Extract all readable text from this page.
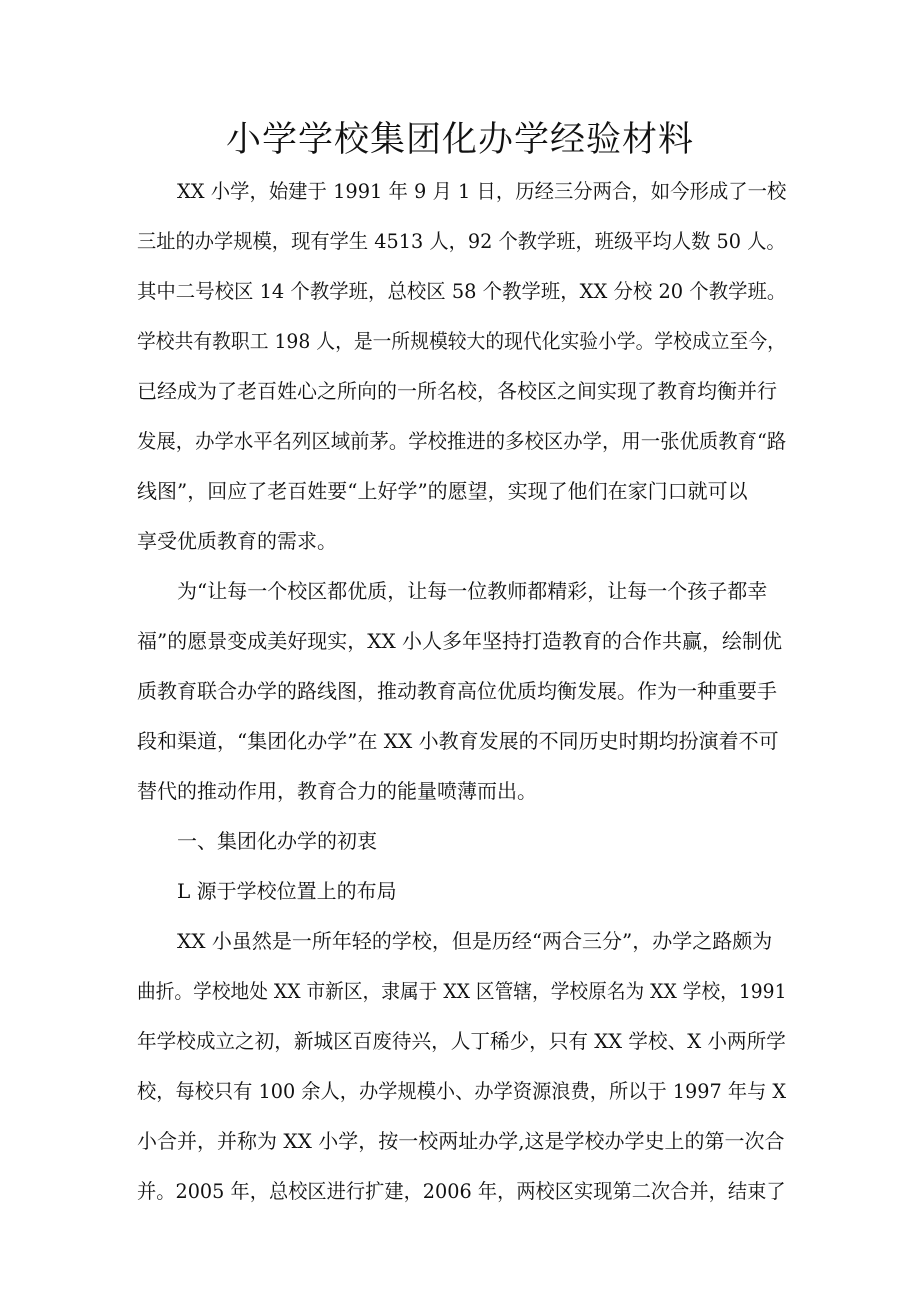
小学学校集团化办学经验材料

XX 小学，始建于 1991 年 9 月 1 日，历经三分两合，如今形成了一校

三址的办学规模，现有学生 4513 人，92 个教学班，班级平均人数 50 人。

其中二号校区 14 个教学班，总校区 58 个教学班，XX 分校 20 个教学班。

学校共有教职工 198 人，是一所规模较大的现代化实验小学。学校成立至今，

已经成为了老百姓心之所向的一所名校，各校区之间实现了教育均衡并行

发展，办学水平名列区域前茅。学校推进的多校区办学，用一张优质教育“路

线图”，回应了老百姓要“上好学”的愿望，实现了他们在家门口就可以

享受优质教育的需求。

为“让每一个校区都优质，让每一位教师都精彩，让每一个孩子都幸

福”的愿景变成美好现实，XX 小人多年坚持打造教育的合作共赢，绘制优

质教育联合办学的路线图，推动教育高位优质均衡发展。作为一种重要手

段和渠道，“集团化办学”在 XX 小教育发展的不同历史时期均扮演着不可

替代的推动作用，教育合力的能量喷薄而出。

一、集团化办学的初衷

L 源于学校位置上的布局

XX 小虽然是一所年轻的学校，但是历经“两合三分”，办学之路颇为

曲折。学校地处 XX 市新区，隶属于 XX 区管辖，学校原名为 XX 学校，1991

年学校成立之初，新城区百废待兴，人丁稀少，只有 XX 学校、X 小两所学

校，每校只有 100 余人，办学规模小、办学资源浪费，所以于 1997 年与 X

小合并，并称为 XX 小学，按一校两址办学,这是学校办学史上的第一次合

并。2005 年，总校区进行扩建，2006 年，两校区实现第二次合并，结束了
